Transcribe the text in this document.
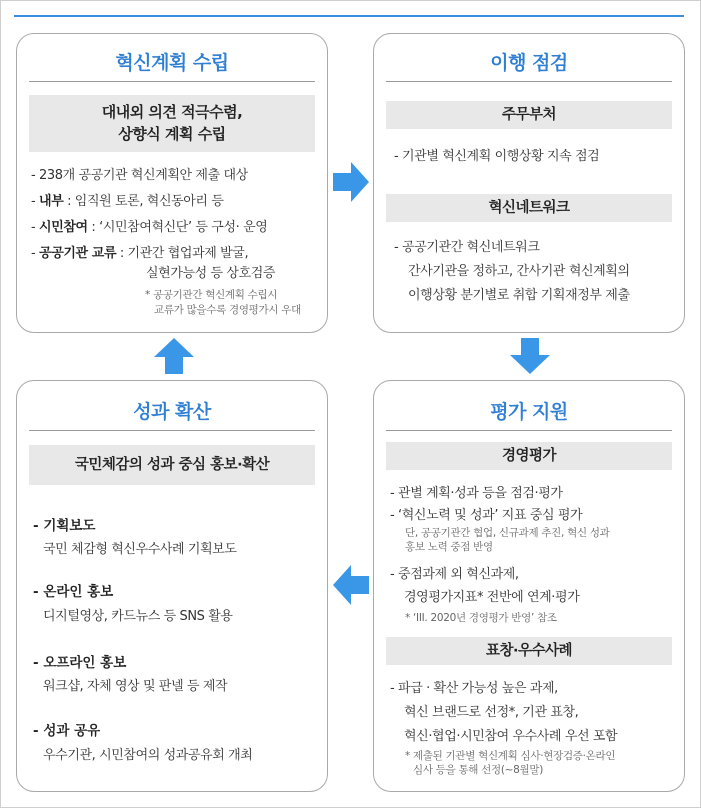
혁신계획 수립
대내외 의견 적극수렴,
상향식 계획 수립
- 238개 공공기관 혁신계획안 제출 대상
- 내부 : 임직원 토론, 혁신동아리 등
- 시민참여 : ‘시민참여혁신단’ 등 구성· 운영
- 공공기관 교류 : 기관간 협업과제 발굴,
실현가능성 등 상호검증
* 공공기관간 혁신계획 수립시
교류가 많을수록 경영평가시 우대
이행 점검
주무부처
- 기관별 혁신계획 이행상황 지속 점검
혁신네트워크
- 공공기관간 혁신네트워크
간사기관을 정하고, 간사기관 혁신계획의
이행상황 분기별로 취합 기획재정부 제출
평가 지원
경영평가
- 관별 계획·성과 등을 점검·평가
- ‘혁신노력 및 성과’ 지표 중심 평가
단, 공공기관간 협업, 신규과제 추진, 혁신 성과
홍보 노력 중점 반영
- 중점과제 외 혁신과제,
경영평가지표* 전반에 연계·평가
* ‘III. 2020년 경영평가 반영’ 참조
표창·우수사례
- 파급 · 확산 가능성 높은 과제,
혁신 브랜드로 선정*, 기관 표창,
혁신·협업·시민참여 우수사례 우선 포함
* 제출된 기관별 혁신계획 심사·현장검증·온라인
심사 등을 통해 선정(~8월말)
성과 확산
국민체감의 성과 중심 홍보·확산
- 기획보도
국민 체감형 혁신우수사례 기획보도
- 온라인 홍보
디지털영상, 카드뉴스 등 SNS 활용
- 오프라인 홍보
워크샵, 자체 영상 및 판넬 등 제작
- 성과 공유
우수기관, 시민참여의 성과공유회 개최
